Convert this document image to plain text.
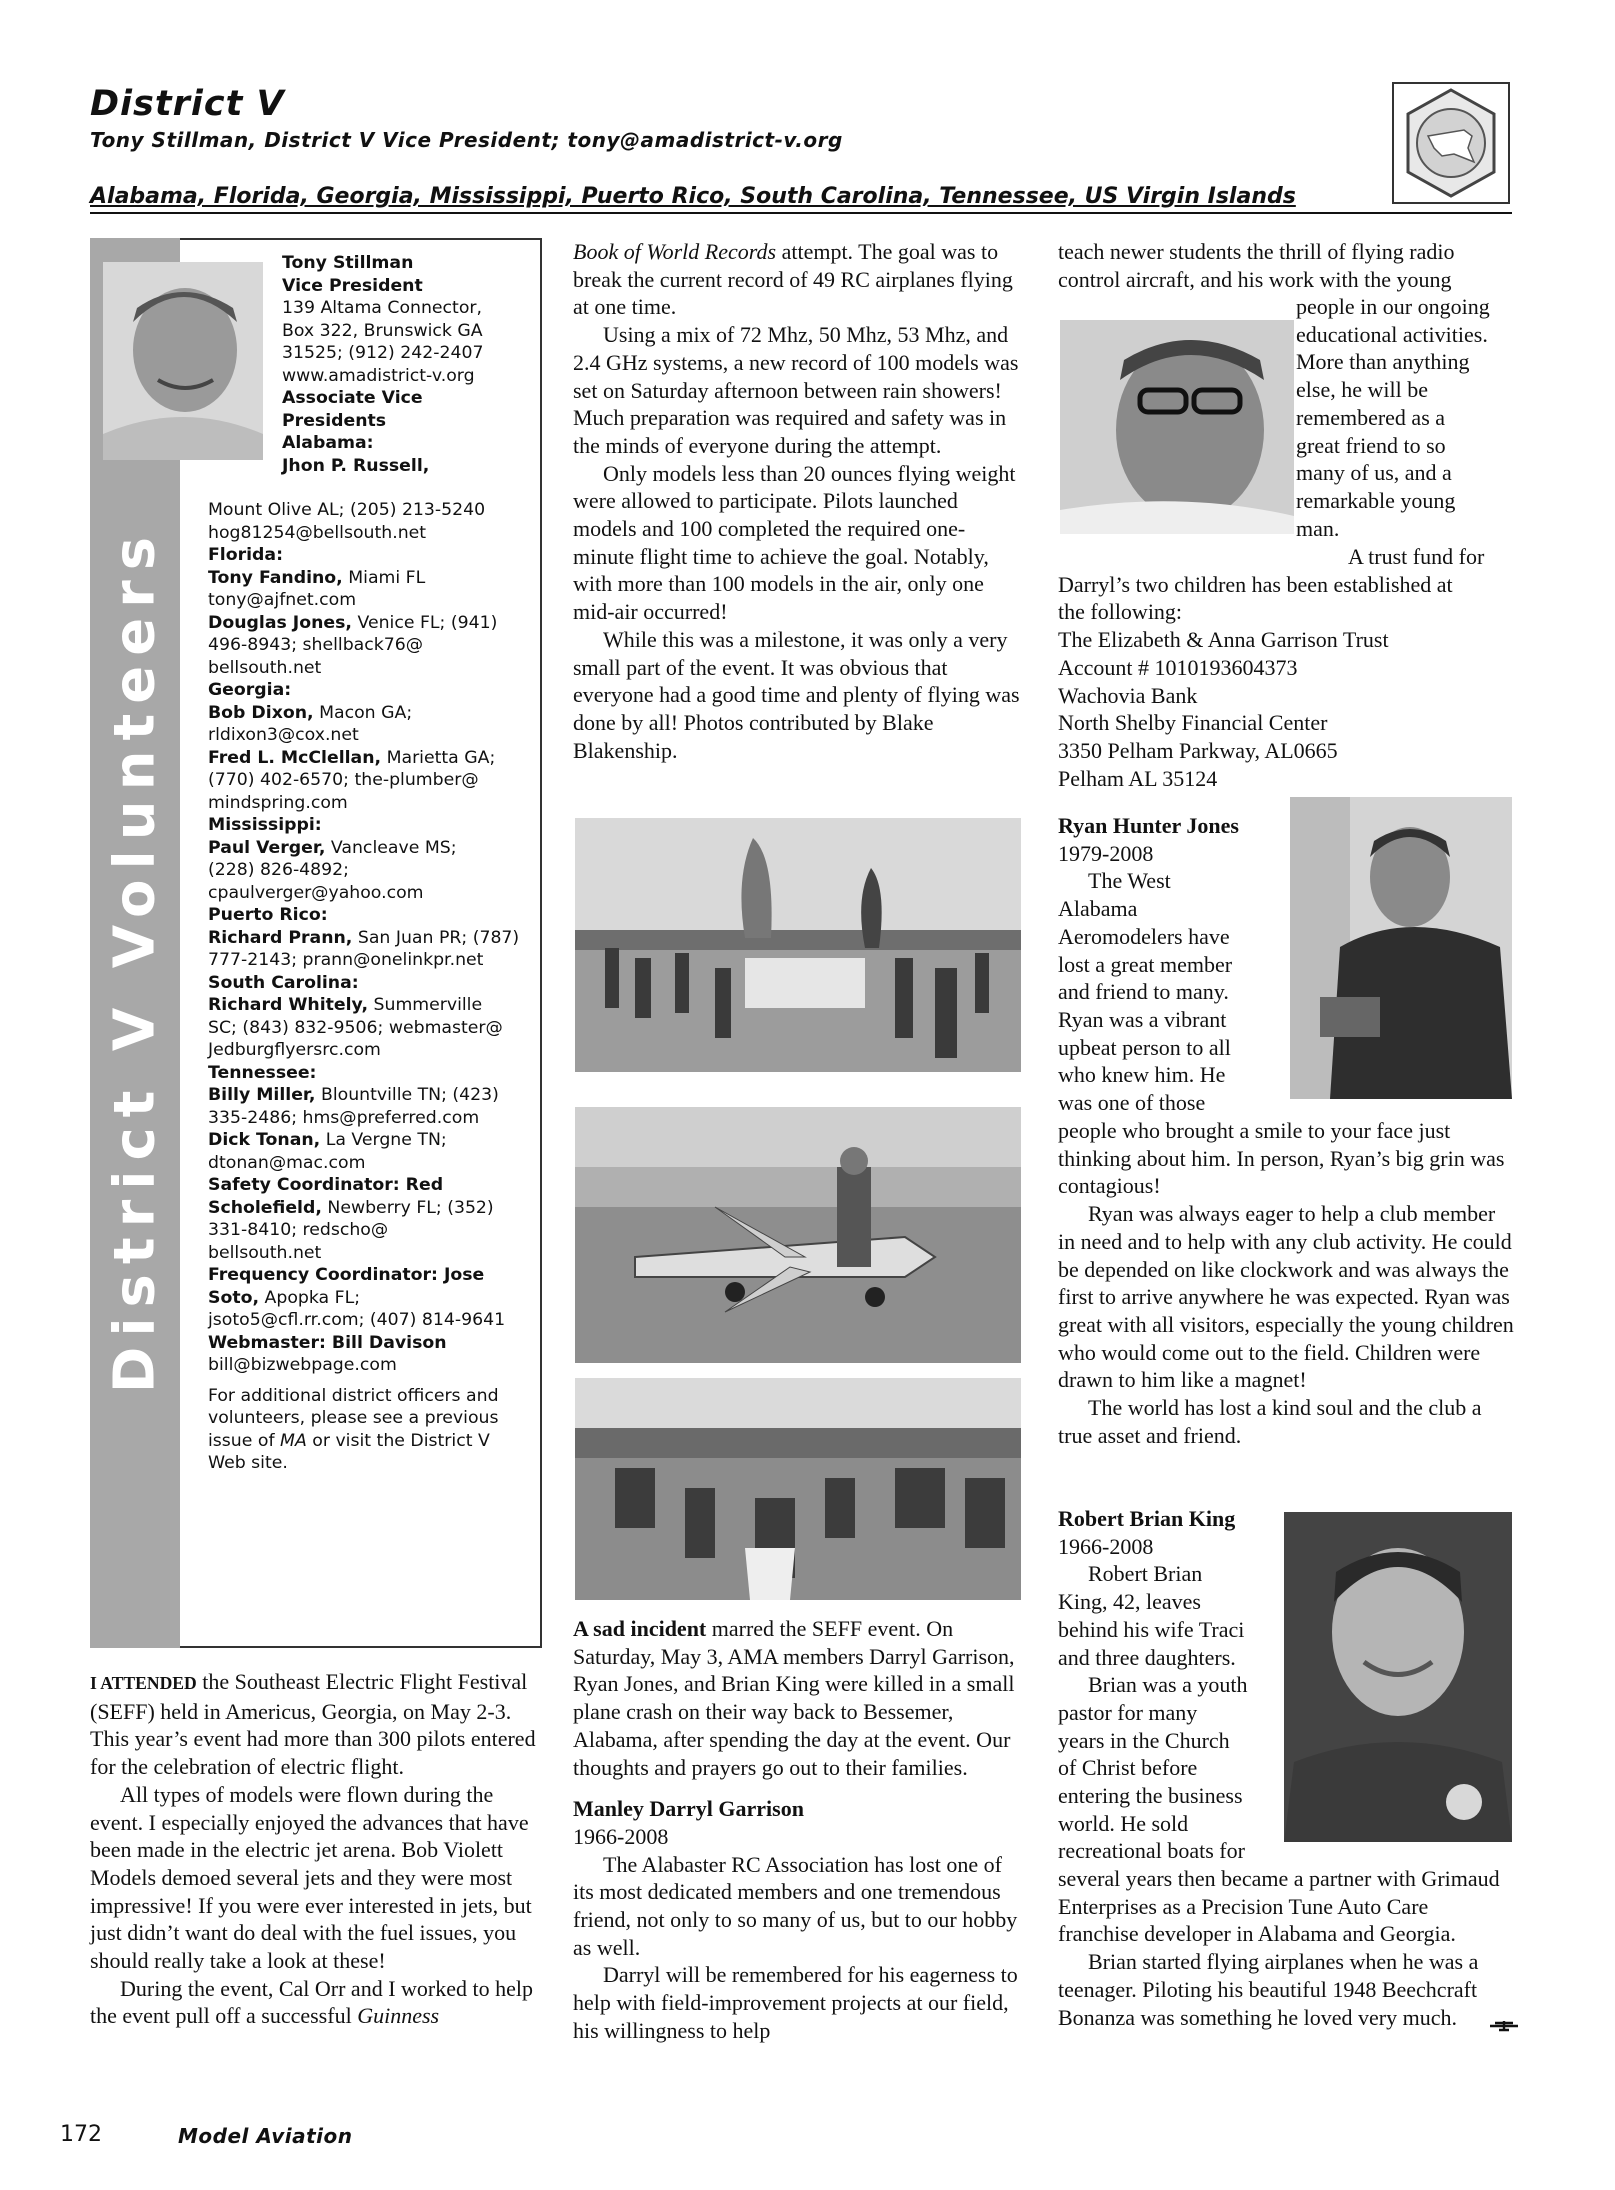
District V
Tony Stillman, District V Vice President; tony@amadistrict-v.org
Alabama, Florida, Georgia, Mississippi, Puerto Rico, South Carolina, Tennessee, US Virgin Islands
District V Volunteers
Tony Stillman
Vice President
139 Altama Connector,
Box 322, Brunswick GA
31525; (912) 242-2407
www.amadistrict-v.org
Associate Vice
Presidents
Alabama:
Jhon P. Russell,
Mount Olive AL; (205) 213-5240
hog81254@bellsouth.net
Florida:
Tony Fandino, Miami FL
tony@ajfnet.com
Douglas Jones, Venice FL; (941)
496-8943; shellback76@
bellsouth.net
Georgia:
Bob Dixon, Macon GA;
rldixon3@cox.net
Fred L. McClellan, Marietta GA;
(770) 402-6570; the-plumber@
mindspring.com
Mississippi:
Paul Verger, Vancleave MS;
(228) 826-4892;
cpaulverger@yahoo.com
Puerto Rico:
Richard Prann, San Juan PR; (787)
777-2143; prann@onelinkpr.net
South Carolina:
Richard Whitely, Summerville
SC; (843) 832-9506; webmaster@
Jedburgflyersrc.com
Tennessee:
Billy Miller, Blountville TN; (423)
335-2486; hms@preferred.com
Dick Tonan, La Vergne TN;
dtonan@mac.com
Safety Coordinator: Red
Scholefield, Newberry FL; (352)
331-8410; redscho@
bellsouth.net
Frequency Coordinator: Jose
Soto, Apopka FL;
jsoto5@cfl.rr.com; (407) 814-9641
Webmaster: Bill Davison
bill@bizwebpage.com
For additional district officers and
volunteers, please see a previous
issue of MA or visit the District V
Web site.

I ATTENDED the Southeast Electric Flight Festival (SEFF) held in Americus, Georgia, on May 2-3. This year’s event had more than 300 pilots entered for the celebration of electric flight.

All types of models were flown during the event. I especially enjoyed the advances that have been made in the electric jet arena. Bob Violett Models demoed several jets and they were most impressive! If you were ever interested in jets, but just didn’t want do deal with the fuel issues, you should really take a look at these!

During the event, Cal Orr and I worked to help the event pull off a successful Guinness

Book of World Records attempt. The goal was to break the current record of 49 RC airplanes flying at one time.

Using a mix of 72 Mhz, 50 Mhz, 53 Mhz, and 2.4 GHz systems, a new record of 100 models was set on Saturday afternoon between rain showers! Much preparation was required and safety was in the minds of everyone during the attempt.

Only models less than 20 ounces flying weight were allowed to participate. Pilots launched models and 100 completed the required one-minute flight time to achieve the goal. Notably, with more than 100 models in the air, only one mid-air occurred!

While this was a milestone, it was only a very small part of the event. It was obvious that everyone had a good time and plenty of flying was done by all! Photos contributed by Blake Blakenship.

A sad incident marred the SEFF event. On Saturday, May 3, AMA members Darryl Garrison, Ryan Jones, and Brian King were killed in a small plane crash on their way back to Bessemer, Alabama, after spending the day at the event. Our thoughts and prayers go out to their families.

Manley Darryl Garrison

1966-2008

The Alabaster RC Association has lost one of its most dedicated members and one tremendous friend, not only to so many of us, but to our hobby as well.

Darryl will be remembered for his eagerness to help with field-improvement projects at our field, his willingness to help

teach newer students the thrill of flying radio

control aircraft, and his work with the young

people in our ongoing

educational activities.

More than anything

else, he will be

remembered as a

great friend to so

many of us, and a

remarkable young

man.

A trust fund for

Darryl’s two children has been established at

the following:

The Elizabeth & Anna Garrison Trust

Account # 1010193604373

Wachovia Bank

North Shelby Financial Center

3350 Pelham Parkway, AL0665

Pelham AL 35124

Ryan Hunter Jones

1979-2008

The West

Alabama

Aeromodelers have

lost a great member

and friend to many.

Ryan was a vibrant

upbeat person to all

who knew him. He

was one of those

people who brought a smile to your face just thinking about him. In person, Ryan’s big grin was contagious!

Ryan was always eager to help a club member in need and to help with any club activity. He could be depended on like clockwork and was always the first to arrive anywhere he was expected. Ryan was great with all visitors, especially the young children who would come out to the field. Children were drawn to him like a magnet!

The world has lost a kind soul and the club a true asset and friend.

Robert Brian King

1966-2008

Robert Brian

King, 42, leaves

behind his wife Traci

and three daughters.

Brian was a youth

pastor for many

years in the Church

of Christ before

entering the business

world. He sold

recreational boats for

several years then became a partner with Grimaud Enterprises as a Precision Tune Auto Care franchise developer in Alabama and Georgia.

Brian started flying airplanes when he was a teenager. Piloting his beautiful 1948 Beechcraft Bonanza was something he loved very much.

172	Model Aviation
